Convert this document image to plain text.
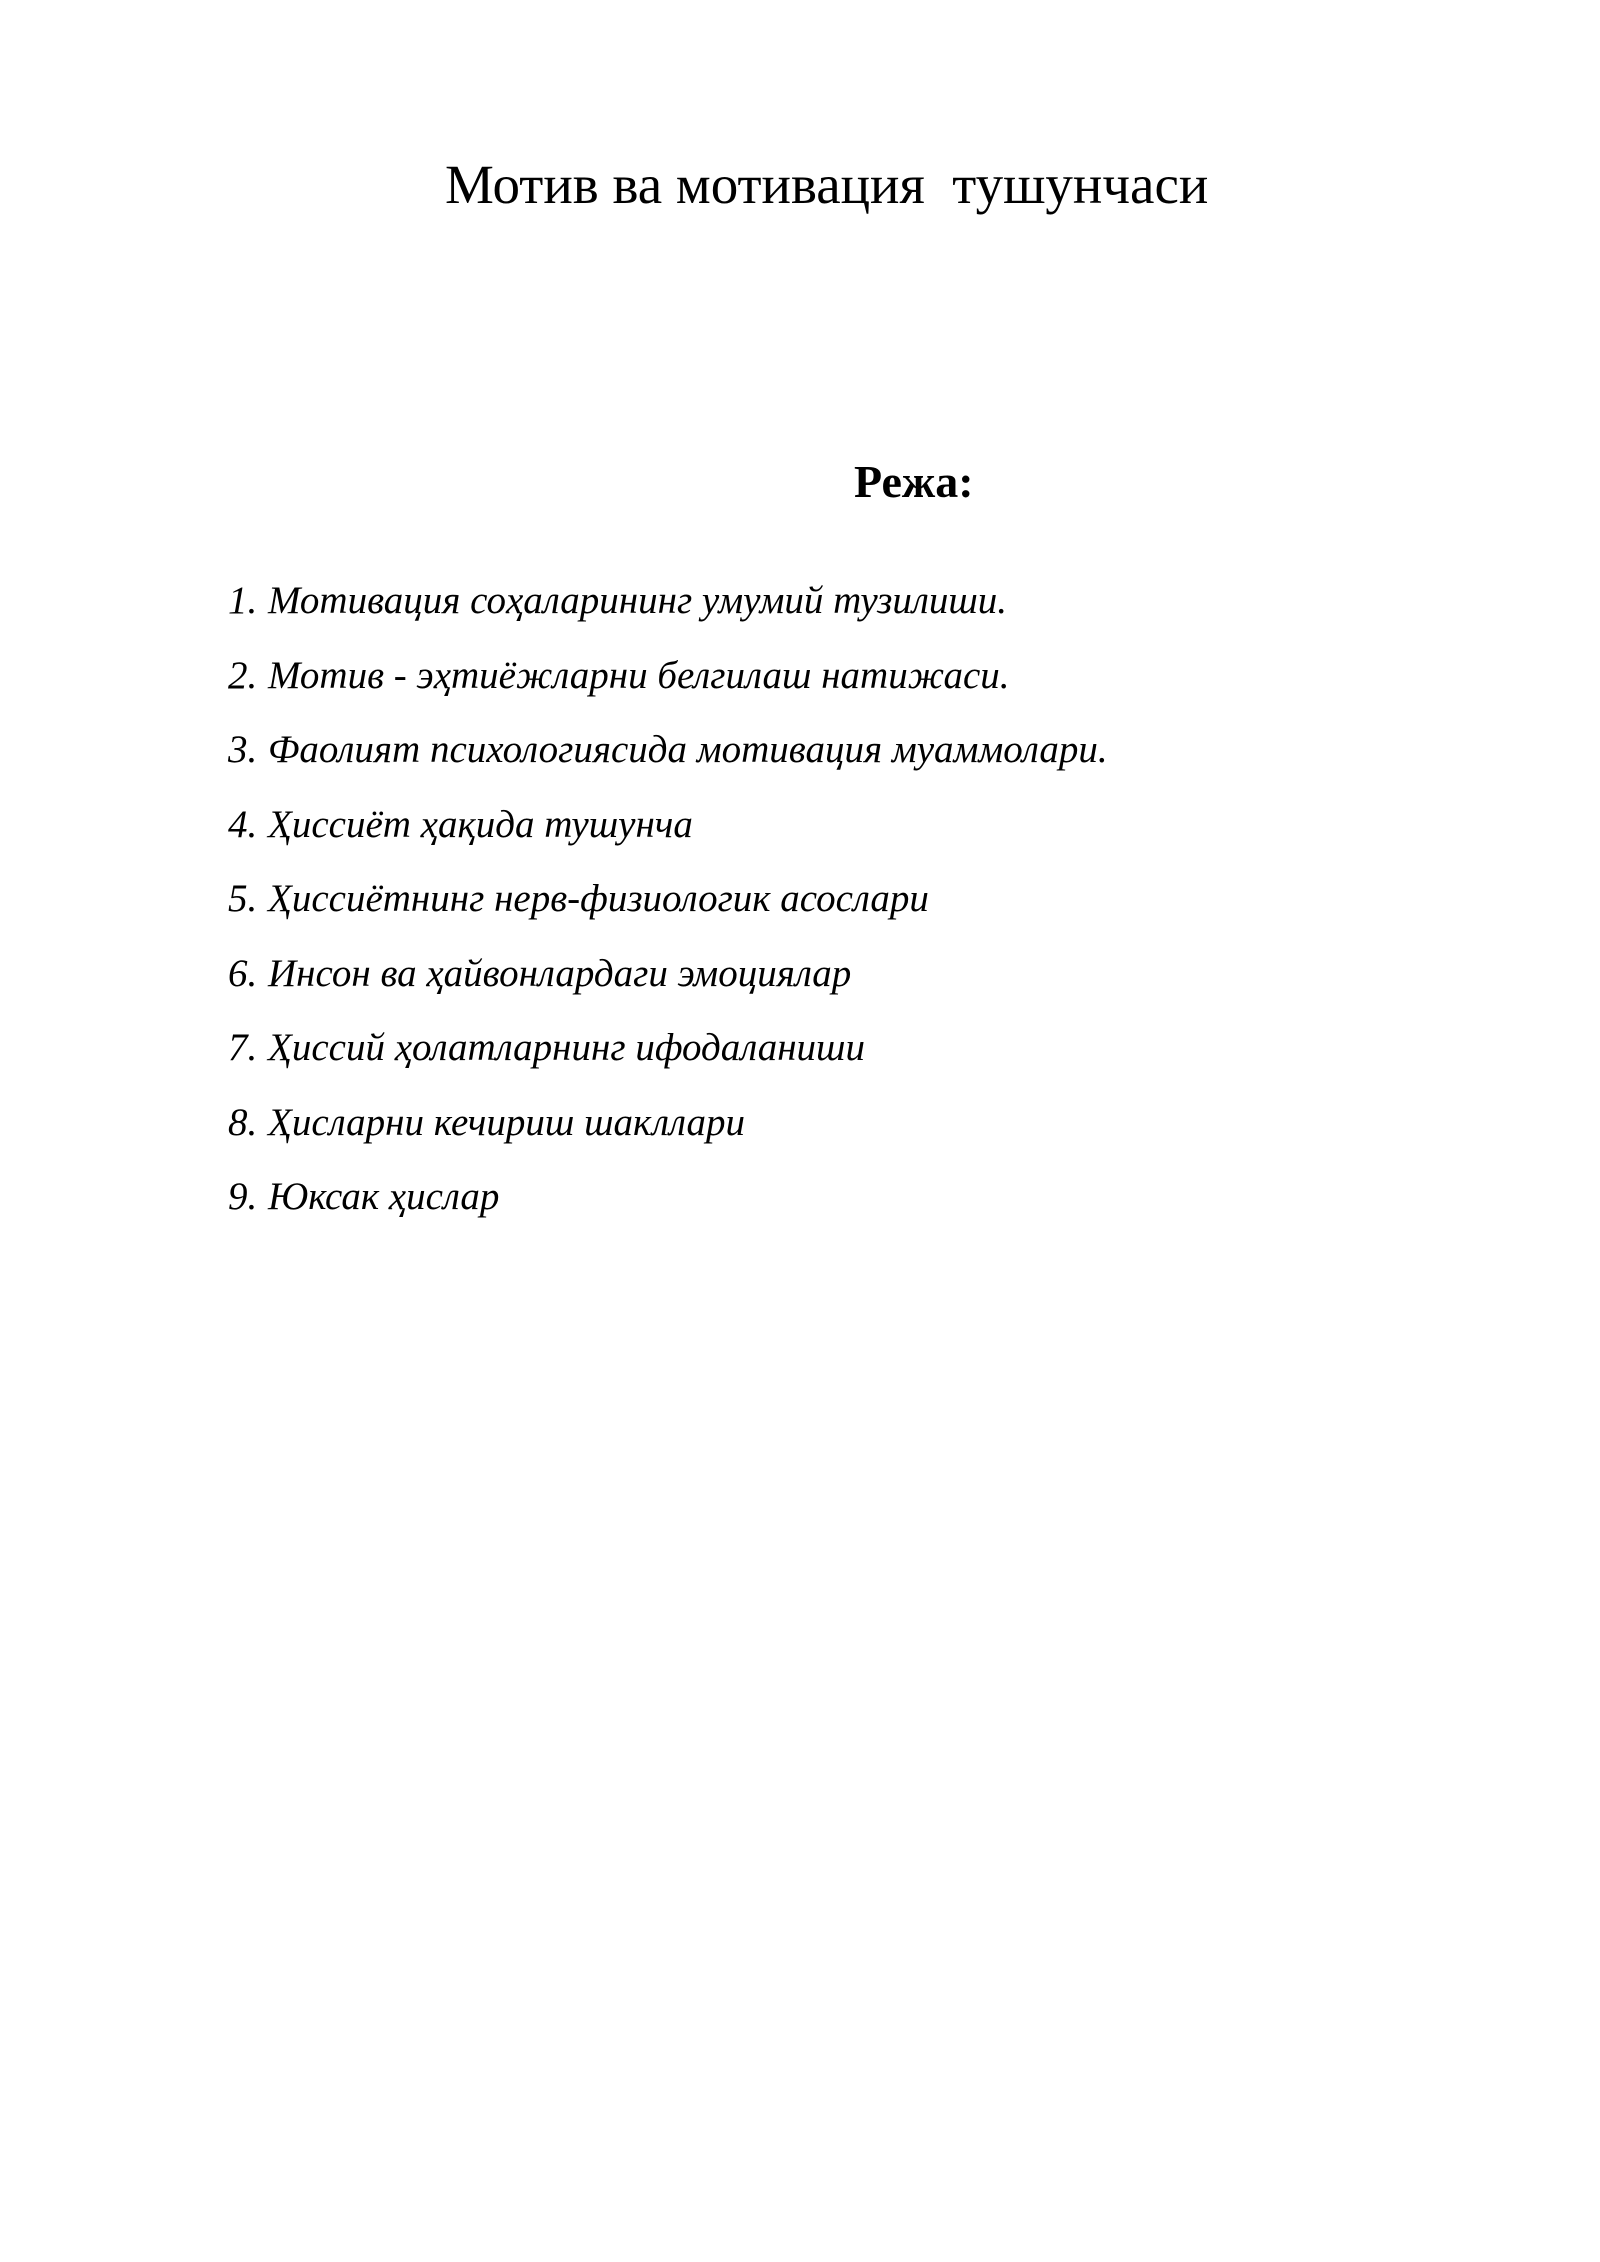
Мотив ва мотивация  тушунчаси
Режа:
1. Мотивация соҳаларининг умумий тузилиши.
2. Мотив - эҳтиёжларни белгилаш натижаси.
3. Фаолият психологиясида мотивация муаммолари.
4. Ҳиссиёт ҳақида тушунча
5. Ҳиссиётнинг нерв-физиологик асослари
6. Инсон ва ҳайвонлардаги эмоциялар
7. Ҳиссий ҳолатларнинг ифодаланиши
8. Ҳисларни кечириш шакллари
9. Юксак ҳислар
